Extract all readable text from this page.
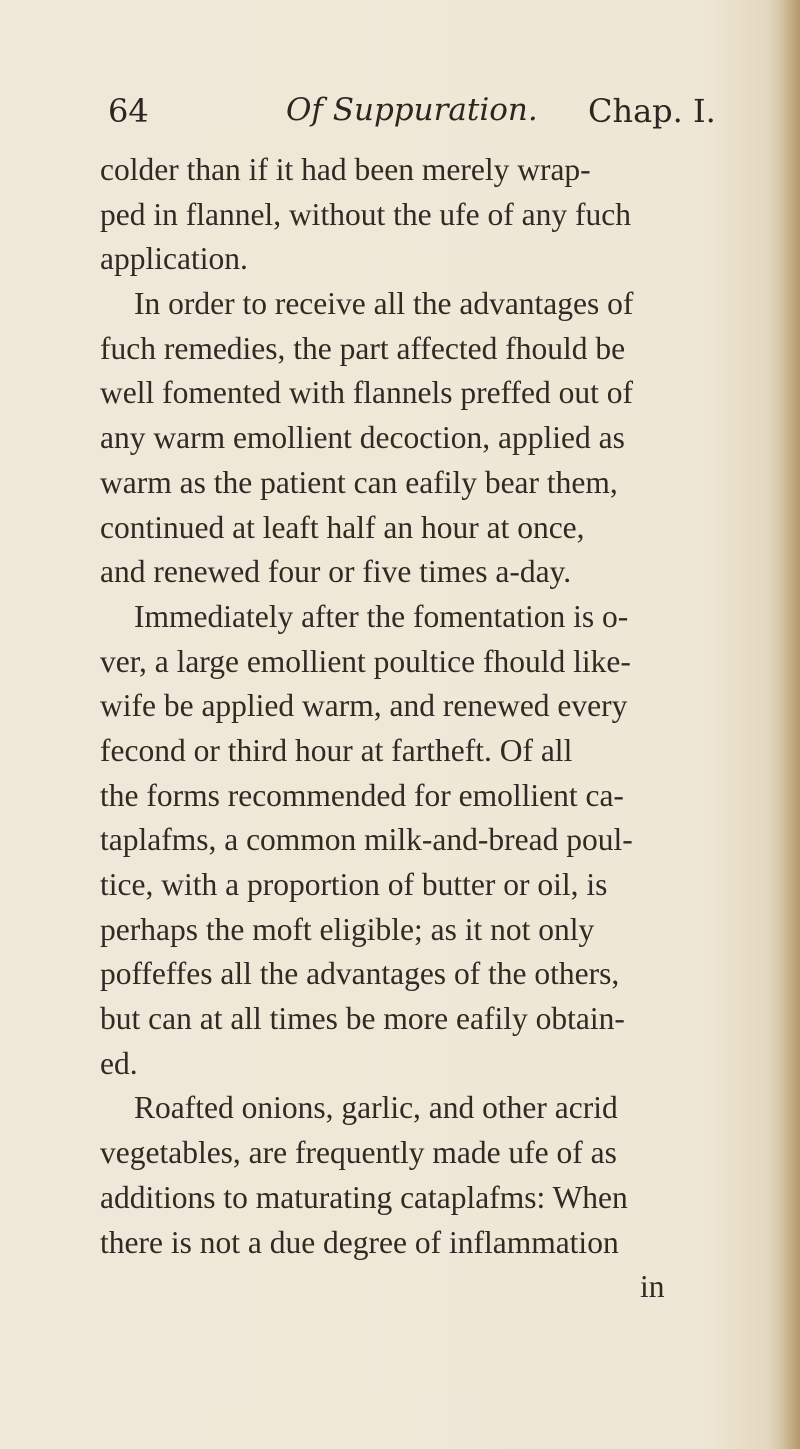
64	Of Suppuration. Chap. I.
colder than if it had been merely wrap-
ped in flannel, without the ufe of any fuch
application.
In order to receive all the advantages of
fuch remedies, the part affected fhould be
well fomented with flannels preffed out of
any warm emollient decoction, applied as
warm as the patient can eafily bear them,
continued at leaft half an hour at once,
and renewed four or five times a-day.
Immediately after the fomentation is o-
ver, a large emollient poultice fhould like-
wife be applied warm, and renewed every
fecond or third hour at fartheft. Of all
the forms recommended for emollient ca-
taplafms, a common milk-and-bread poul-
tice, with a proportion of butter or oil, is
perhaps the moft eligible; as it not only
poffeffes all the advantages of the others,
but can at all times be more eafily obtain-
ed.
Roafted onions, garlic, and other acrid
vegetables, are frequently made ufe of as
additions to maturating cataplafms: When
there is not a due degree of inflammation
in
